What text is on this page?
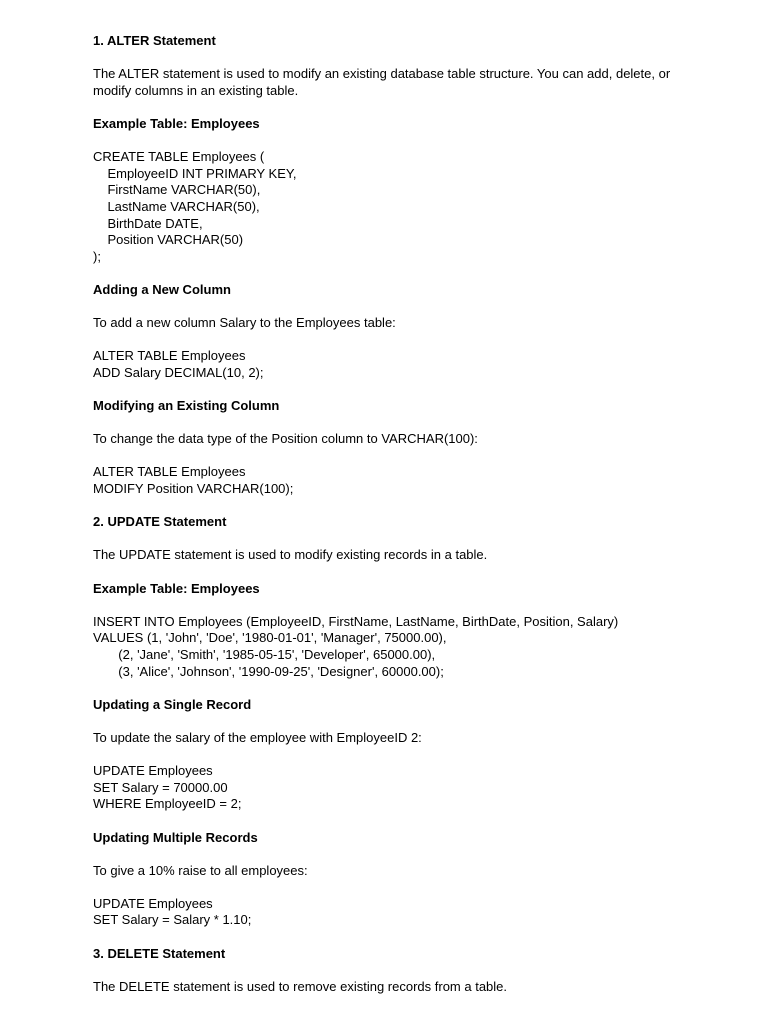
1. ALTER Statement
The ALTER statement is used to modify an existing database table structure. You can add, delete, or
modify columns in an existing table.
Example Table: Employees
CREATE TABLE Employees (
EmployeeID INT PRIMARY KEY,
FirstName VARCHAR(50),
LastName VARCHAR(50),
BirthDate DATE,
Position VARCHAR(50)
);
Adding a New Column
To add a new column Salary to the Employees table:
ALTER TABLE Employees
ADD Salary DECIMAL(10, 2);
Modifying an Existing Column
To change the data type of the Position column to VARCHAR(100):
ALTER TABLE Employees
MODIFY Position VARCHAR(100);
2. UPDATE Statement
The UPDATE statement is used to modify existing records in a table.
Example Table: Employees
INSERT INTO Employees (EmployeeID, FirstName, LastName, BirthDate, Position, Salary)
VALUES (1, 'John', 'Doe', '1980-01-01', 'Manager', 75000.00),
(2, 'Jane', 'Smith', '1985-05-15', 'Developer', 65000.00),
(3, 'Alice', 'Johnson', '1990-09-25', 'Designer', 60000.00);
Updating a Single Record
To update the salary of the employee with EmployeeID 2:
UPDATE Employees
SET Salary = 70000.00
WHERE EmployeeID = 2;
Updating Multiple Records
To give a 10% raise to all employees:
UPDATE Employees
SET Salary = Salary * 1.10;
3. DELETE Statement
The DELETE statement is used to remove existing records from a table.
